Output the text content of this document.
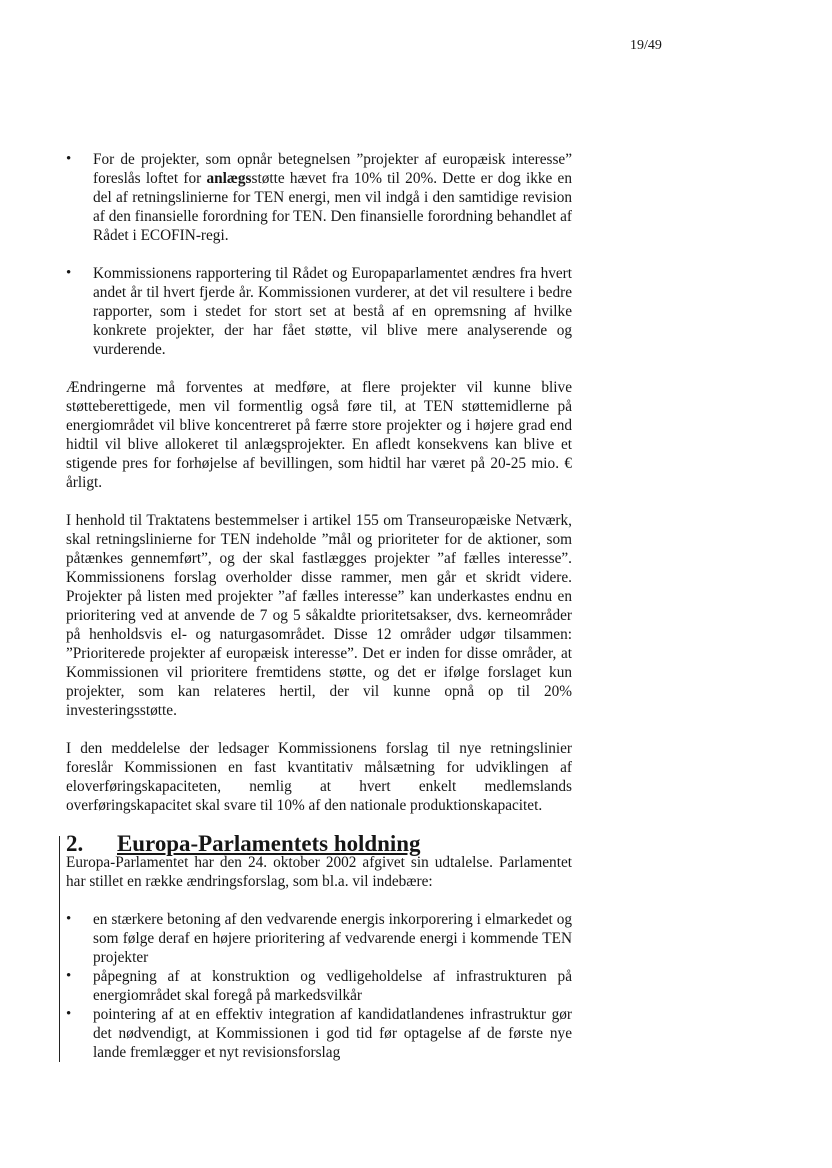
19/49
• For de projekter, som opnår betegnelsen ”projekter af europæisk interesse” foreslås loftet for anlægsstøtte hævet fra 10% til 20%. Dette er dog ikke en del af retningslinierne for TEN energi, men vil indgå i den samtidige revision af den finansielle forordning for TEN. Den finansielle forordning behandlet af Rådet i ECOFIN-regi.
• Kommissionens rapportering til Rådet og Europaparlamentet ændres fra hvert andet år til hvert fjerde år. Kommissionen vurderer, at det vil resultere i bedre rapporter, som i stedet for stort set at bestå af en opremsning af hvilke konkrete projekter, der har fået støtte, vil blive mere analyserende og vurderende.

Ændringerne må forventes at medføre, at flere projekter vil kunne blive støtteberettigede, men vil formentlig også føre til, at TEN støttemidlerne på energiområdet vil blive koncentreret på færre store projekter og i højere grad end hidtil vil blive allokeret til anlægsprojekter. En afledt konsekvens kan blive et stigende pres for forhøjelse af bevillingen, som hidtil har været på 20-25 mio. € årligt.

I henhold til Traktatens bestemmelser i artikel 155 om Transeuropæiske Netværk, skal retningslinierne for TEN indeholde ”mål og prioriteter for de aktioner, som påtænkes gennemført”, og der skal fastlægges projekter ”af fælles interesse”. Kommissionens forslag overholder disse rammer, men går et skridt videre. Projekter på listen med projekter ”af fælles interesse” kan underkastes endnu en prioritering ved at anvende de 7 og 5 såkaldte prioritetsakser, dvs. kerneområder på henholdsvis el- og naturgasområdet. Disse 12 områder udgør tilsammen: ”Prioriterede projekter af europæisk interesse”. Det er inden for disse områder, at Kommissionen vil prioritere fremtidens støtte, og det er ifølge forslaget kun projekter, som kan relateres hertil, der vil kunne opnå op til 20% investeringsstøtte.

I den meddelelse der ledsager Kommissionens forslag til nye retningslinier foreslår Kommissionen en fast kvantitativ målsætning for udviklingen af eloverføringskapaciteten, nemlig at hvert enkelt medlemslands overføringskapacitet skal svare til 10% af den nationale produktionskapacitet.

2.	Europa-Parlamentets holdning

Europa-Parlamentet har den 24. oktober 2002 afgivet sin udtalelse. Parlamentet har stillet en række ændringsforslag, som bl.a. vil indebære:

• en stærkere betoning af den vedvarende energis inkorporering i elmarkedet og som følge deraf en højere prioritering af vedvarende energi i kommende TEN projekter
• påpegning af at konstruktion og vedligeholdelse af infrastrukturen på energiområdet skal foregå på markedsvilkår
• pointering af at en effektiv integration af kandidatlandenes infrastruktur gør det nødvendigt, at Kommissionen i god tid før optagelse af de første nye lande fremlægger et nyt revisionsforslag
